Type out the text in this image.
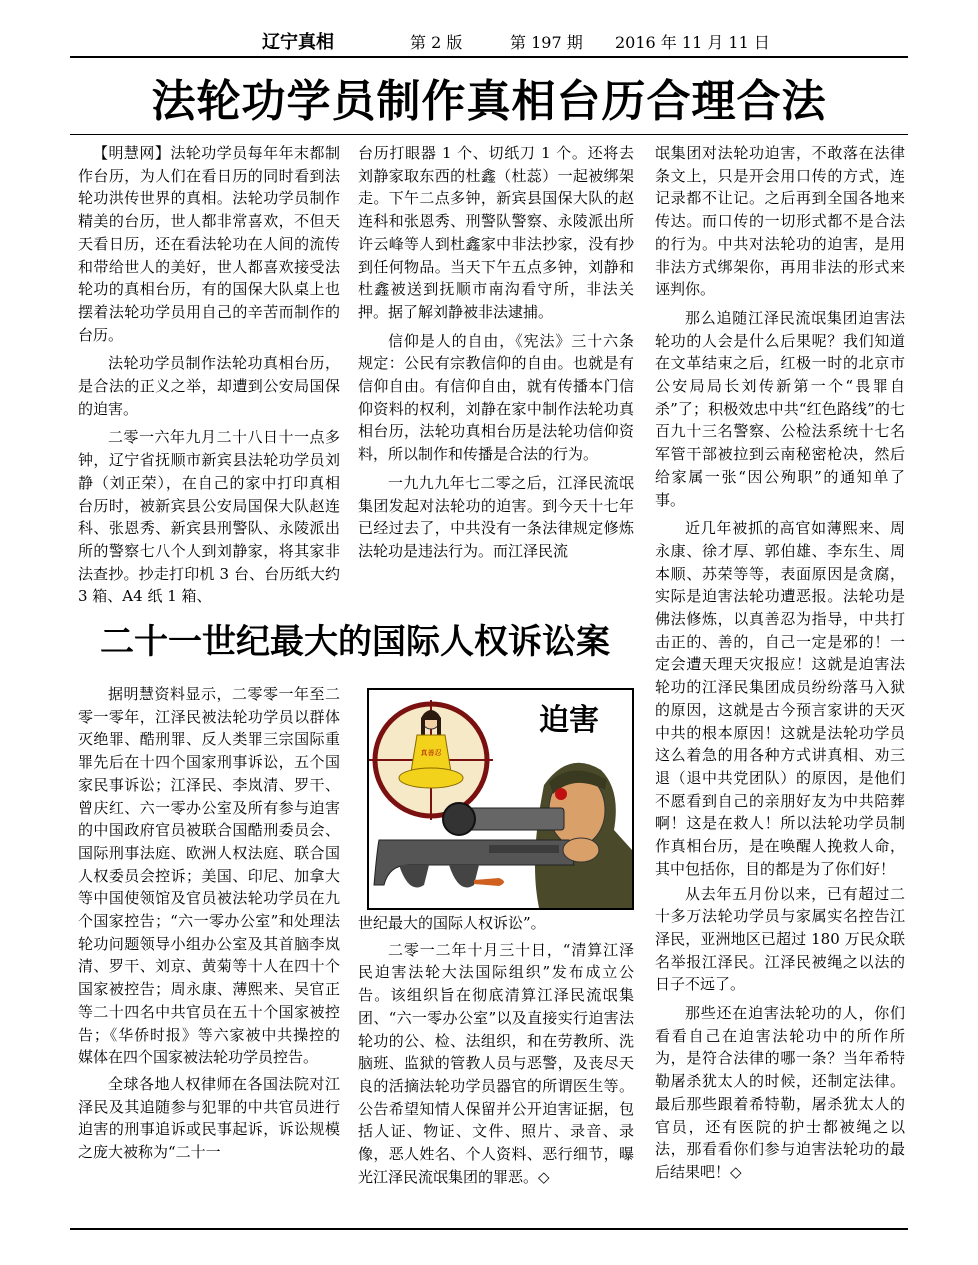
辽宁真相	第 2 版	第 197 期 2016 年 11 月 11 日
法轮功学员制作真相台历合理合法

【明慧网】法轮功学员每年年末都制作台历，为人们在看日历的同时看到法轮功洪传世界的真相。法轮功学员制作精美的台历，世人都非常喜欢，不但天天看日历，还在看法轮功在人间的流传和带给世人的美好，世人都喜欢接受法轮功的真相台历，有的国保大队桌上也摆着法轮功学员用自己的辛苦而制作的台历。

法轮功学员制作法轮功真相台历，是合法的正义之举，却遭到公安局国保的迫害。

二零一六年九月二十八日十一点多钟，辽宁省抚顺市新宾县法轮功学员刘静（刘正荣），在自己的家中打印真相台历时，被新宾县公安局国保大队赵连科、张恩秀、新宾县刑警队、永陵派出所的警察七八个人到刘静家，将其家非法查抄。抄走打印机 3 台、台历纸大约 3 箱、A4 纸 1 箱、

台历打眼器 1 个、切纸刀 1 个。还将去刘静家取东西的杜鑫（杜蕊）一起被绑架走。下午二点多钟，新宾县国保大队的赵连科和张恩秀、刑警队警察、永陵派出所许云峰等人到杜鑫家中非法抄家，没有抄到任何物品。当天下午五点多钟，刘静和杜鑫被送到抚顺市南沟看守所，非法关押。据了解刘静被非法逮捕。

信仰是人的自由，《宪法》三十六条规定：公民有宗教信仰的自由。也就是有信仰自由。有信仰自由，就有传播本门信仰资料的权利，刘静在家中制作法轮功真相台历，法轮功真相台历是法轮功信仰资料，所以制作和传播是合法的行为。

一九九九年七二零之后，江泽民流氓集团发起对法轮功的迫害。到今天十七年已经过去了，中共没有一条法律规定修炼法轮功是违法行为。而江泽民流

氓集团对法轮功迫害，不敢落在法律条文上，只是开会用口传的方式，连记录都不让记。之后再到全国各地来传达。而口传的一切形式都不是合法的行为。中共对法轮功的迫害，是用非法方式绑架你，再用非法的形式来诬判你。

那么追随江泽民流氓集团迫害法轮功的人会是什么后果呢？我们知道在文革结束之后，红极一时的北京市公安局局长刘传新第一个“畏罪自杀”了；积极效忠中共“红色路线”的七百九十三名警察、公检法系统十七名军管干部被拉到云南秘密枪决，然后给家属一张“因公殉职”的通知单了事。

近几年被抓的高官如薄熙来、周永康、徐才厚、郭伯雄、李东生、周本顺、苏荣等等，表面原因是贪腐，实际是迫害法轮功遭恶报。法轮功是佛法修炼，以真善忍为指导，中共打击正的、善的，自己一定是邪的！一定会遭天理天灾报应！这就是迫害法轮功的江泽民集团成员纷纷落马入狱的原因，这就是古今预言家讲的天灭中共的根本原因！这就是法轮功学员这么着急的用各种方式讲真相、劝三退（退中共党团队）的原因，是他们不愿看到自己的亲朋好友为中共陪葬啊！这是在救人！所以法轮功学员制作真相台历，是在唤醒人挽救人命，其中包括你，目的都是为了你们好！

从去年五月份以来，已有超过二十多万法轮功学员与家属实名控告江泽民，亚洲地区已超过 180 万民众联名举报江泽民。江泽民被绳之以法的日子不远了。

那些还在迫害法轮功的人，你们看看自己在迫害法轮功中的所作所为，是符合法律的哪一条？当年希特勒屠杀犹太人的时候，还制定法律。最后那些跟着希特勒，屠杀犹太人的官员，还有医院的护士都被绳之以法，那看看你们参与迫害法轮功的最后结果吧！◇

二十一世纪最大的国际人权诉讼案

据明慧资料显示，二零零一年至二零一零年，江泽民被法轮功学员以群体灭绝罪、酷刑罪、反人类罪三宗国际重罪先后在十四个国家刑事诉讼，五个国家民事诉讼；江泽民、李岚清、罗干、曾庆红、六一零办公室及所有参与迫害的中国政府官员被联合国酷刑委员会、国际刑事法庭、欧洲人权法庭、联合国人权委员会控诉；美国、印尼、加拿大等中国使领馆及官员被法轮功学员在九个国家控告；“六一零办公室”和处理法轮功问题领导小组办公室及其首脑李岚清、罗干、刘京、黄菊等十人在四十个国家被控告；周永康、薄熙来、吴官正等二十四名中共官员在五十个国家被控告；《华侨时报》等六家被中共操控的媒体在四个国家被法轮功学员控告。

全球各地人权律师在各国法院对江泽民及其追随参与犯罪的中共官员进行迫害的刑事追诉或民事起诉，诉讼规模之庞大被称为“二十一

真善忍
迫害

世纪最大的国际人权诉讼”。

二零一二年十月三十日，“清算江泽民迫害法轮大法国际组织”发布成立公告。该组织旨在彻底清算江泽民流氓集团、“六一零办公室”以及直接实行迫害法轮功的公、检、法组织，和在劳教所、洗脑班、监狱的管教人员与恶警，及丧尽天良的活摘法轮功学员器官的所谓医生等。公告希望知情人保留并公开迫害证据，包括人证、物证、文件、照片、录音、录像，恶人姓名、个人资料、恶行细节，曝光江泽民流氓集团的罪恶。◇
